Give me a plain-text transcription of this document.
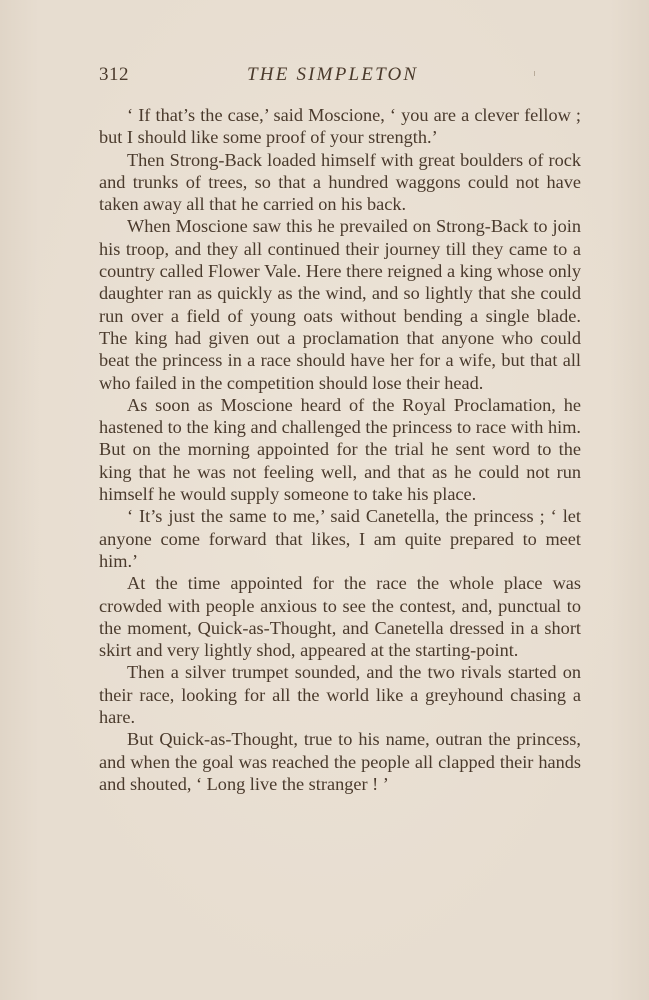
312	THE SIMPLETON

‘ If that’s the case,’ said Moscione, ‘ you are a clever fellow ; but I should like some proof of your strength.’

Then Strong-Back loaded himself with great boulders of rock and trunks of trees, so that a hundred waggons could not have taken away all that he carried on his back.

When Moscione saw this he prevailed on Strong-Back to join his troop, and they all continued their journey till they came to a country called Flower Vale. Here there reigned a king whose only daughter ran as quickly as the wind, and so lightly that she could run over a field of young oats without bending a single blade. The king had given out a proclamation that anyone who could beat the princess in a race should have her for a wife, but that all who failed in the competition should lose their head.

As soon as Moscione heard of the Royal Proclamation, he hastened to the king and challenged the princess to race with him. But on the morning appointed for the trial he sent word to the king that he was not feeling well, and that as he could not run himself he would supply someone to take his place.

‘ It’s just the same to me,’ said Canetella, the princess ; ‘ let anyone come forward that likes, I am quite prepared to meet him.’

At the time appointed for the race the whole place was crowded with people anxious to see the contest, and, punctual to the moment, Quick-as-Thought, and Canetella dressed in a short skirt and very lightly shod, appeared at the starting-point.

Then a silver trumpet sounded, and the two rivals started on their race, looking for all the world like a greyhound chasing a hare.

But Quick-as-Thought, true to his name, outran the princess, and when the goal was reached the people all clapped their hands and shouted, ‘ Long live the stranger ! ’
